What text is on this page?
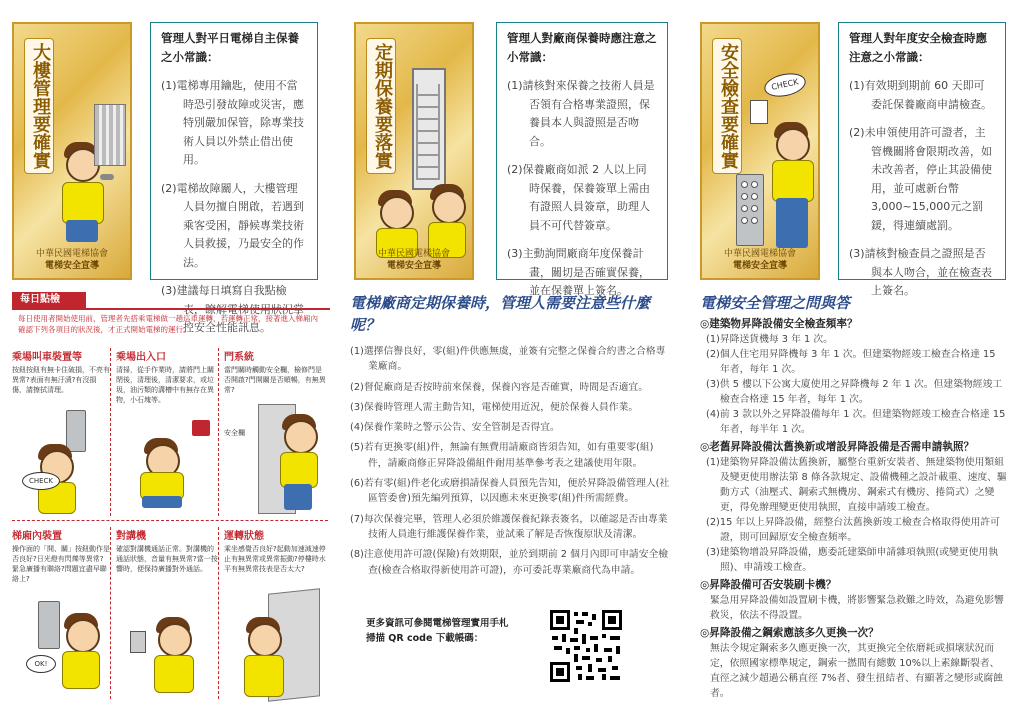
大樓管理要確實
中華民國電梯協會
電梯安全宣導
管理人對平日電梯自主保養之小常識：
(1)電梯專用鑰匙，使用不當時恐引發故障或災害，應特別嚴加保管，除專業技術人員以外禁止借出使用。
(2)電梯故障關人，大樓管理人員勿擅自開啟，若遇到乘客受困，靜候專業技術人員救援，乃最安全的作法。
(3)建議每日填寫自我點檢 控安全性能訊息。
定期保養要落實
中華民國電梯協會
電梯安全宣導
管理人對廠商保養時應注意之小常識：
(1)請核對來保養之技術人員是否領有合格專業證照，保養員本人與證照是否吻合。
(2)保養廠商如派 2 人以上同時保養，保養簽單上需由有證照人員簽章，助理人員不可代替簽章。
(3)主動詢問廠商年度保養計畫，關切是否確實保養，並在保養單上簽名。
安全檢查要確實	CHECK
中華民國電梯協會
電梯安全宣導
管理人對年度安全檢查時應注意之小常識：
(1)有效期到期前 60 天即可委託保養廠商申請檢查。
(2)未申領使用許可證者，主管機關將會限期改善，如未改善者，停止其設備使用，並可處新台幣 3,000~15,000元之罰鍰，得連續處罰。
(3)請核對檢查員之證照是否與本人吻合，並在檢查表上簽名。
每日點檢
每日使用者開始使用前，管理者先搭乘電梯做一趟巡車運轉，若運轉正常，接著進入梯廂內確認下列各項目的狀況後，才正式開始電梯的運行。
乘場叫車裝置等
按鈕按鈕有無卡住破損，不亮有異常?表面有無汙漬?有沒損傷，請擦拭清理。
CHECK
乘場出入口
清掃，從手作業時，請將門上關閉後，清理後，清潔要求，或垃圾，油污類的溝槽中有無存在異物，小石塊等。
門系統
當門關時觸動安全欄，檢修門是否開啟?門開關是否順暢，有無異常?
安全欄
梯廂內裝置
操作面的「開、關」按鈕動作是否良好?日光燈有閃爍等異常?緊急廣播有聯絡?問題宜盡早聯絡上?
OK!
對講機
確認對講機通話正常。對講機的通話狀態，音量有無異常?當一按響時，便保持廣播對外通話。
運轉狀態
乘坐感覺否良好?起動加速減速停止有無異常或異常振動?停樓時水平有無異常技表是否太大?
電梯廠商定期保養時，管理人需要注意些什麼呢？
(1)選擇信譽良好，零(組)件供應無虞，並簽有完整之保養合約書之合格專業廠商。
(2)督促廠商是否按時前來保養，保養內容是否確實，時間是否適宜。
(3)保養時管理人需主動告知，電梯使用近況，便於保養人員作業。
(4)保養作業時之警示公告、安全管制是否得宜。
(5)若有更換零(組)件，無論有無費用請廠商皆須告知，如有重要零(組)件，請廠商修正昇降設備組件耐用基準參考表之建議使用年限。
(6)若有零(組)件老化或磨損請保養人員預先告知，便於昇降設備管理人(社區管委會)預先編列預算，以因應未來更換零(組)件所需經費。
(7)每次保養完畢，管理人必須於維護保養紀錄表簽名，以確認是否由專業技術人員進行維護保養作業，並試乘了解是否恢復原狀及清潔。
(8)注意使用許可證(保險)有效期限，並於到期前 2 個月內即可申請安全檢查(檢查合格取得新使用許可證)，亦可委託專業廠商代為申請。
更多資訊可參閱電梯管理實用手札
掃描 QR code 下載帳碼：
電梯安全管理之問與答
◎建築物昇降設備安全檢查頻率？
(1)昇降送貨機每 3 年 1 次。
(2)個人住宅用昇降機每 3 年 1 次。但建築物經竣工檢查合格達 15 年者，每年 1 次。
(3)供 5 樓以下公寓大廈使用之昇降機每 2 年 1 次。但建築物經竣工檢查合格達 15 年者，每年 1 次。
(4)前 3 款以外之昇降設備每年 1 次。但建築物經竣工檢查合格達 15 年者，每半年 1 次。
◎老舊昇降設備汰舊換新或增設昇降設備是否需申請執照？
(1)建築物昇降設備汰舊換新，屬整台重新安裝者、無建築物使用類組及變更使用辦法第 8 條各款規定、設備機種之設計載重、速度、驅動方式（油壓式、鋼索式無機房、鋼索式有機房、捲筒式）之變更，得免辦理變更使用執照，直接申請竣工檢查。
(2)15 年以上昇降設備，經整台汰舊換新竣工檢查合格取得使用許可證，則可回歸原安全檢查頻率。
(3)建築物增設昇降設備，應委託建築師申請雜項執照(或變更使用執照)、申請竣工檢查。
◎昇降設備可否安裝刷卡機？
緊急用昇降設備如設置刷卡機，將影響緊急救難之時效，為避免影響救災，依法不得設置。
◎昇降設備之鋼索應該多久更換一次？
無法令規定鋼索多久應更換一次，其更換完全依磨耗或損壞狀況而定，依照國家標準規定，鋼索一撚間有總數 10%以上素線斷裂者、直徑之減少超過公稱直徑 7%者、發生扭結者、有顯著之變形或腐蝕者。
